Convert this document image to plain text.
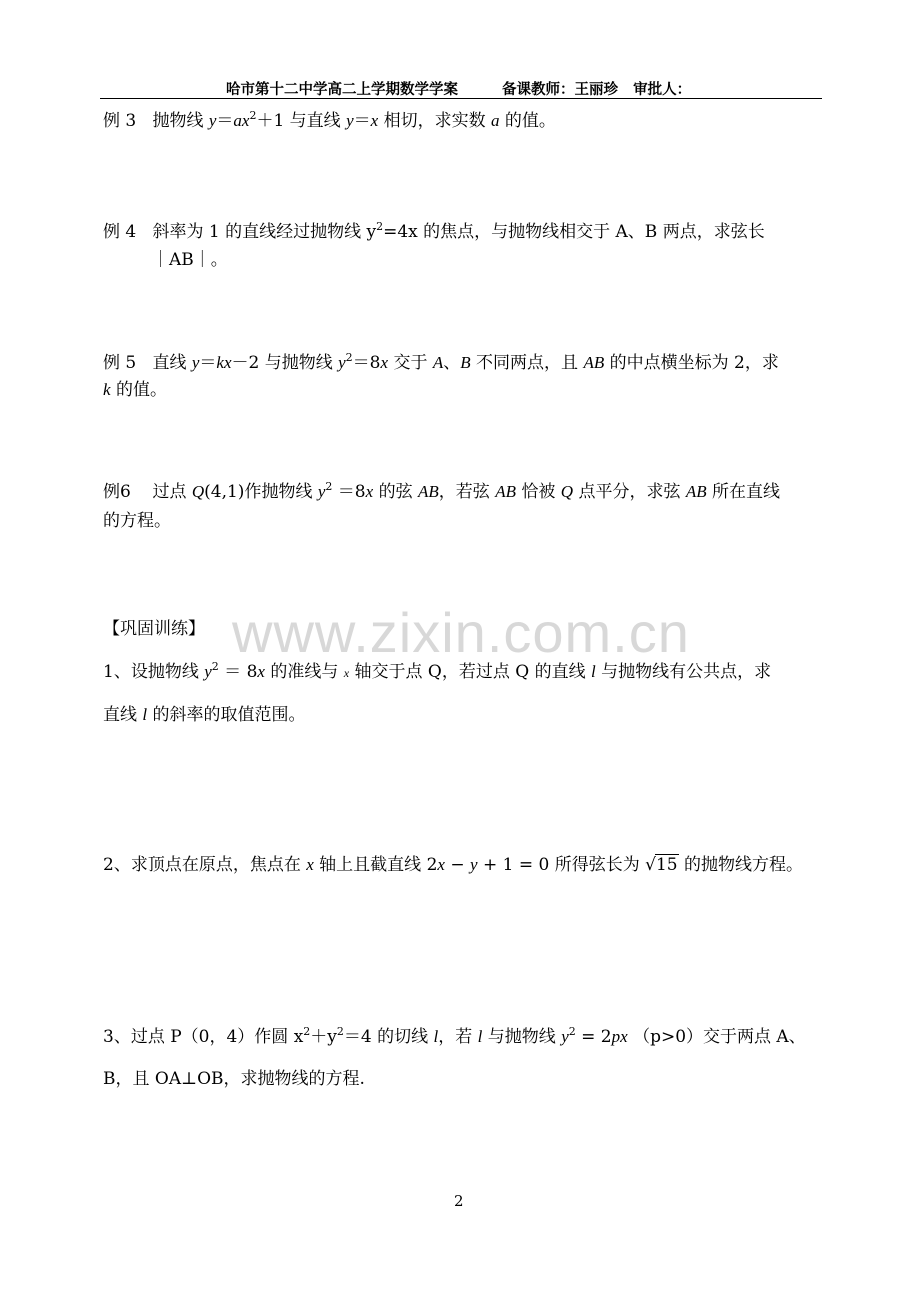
哈市第十二中学高二上学期数学学案	备课教师：王丽珍 审批人：
例 3   抛物线 $y=ax^2+1$ 与直线 y＝x 相切，求实数 a 的值。
例 4   斜率为 1 的直线经过抛物线 $y^2=4x$ 的焦点，与抛物线相交于 A、B 两点，求弦长
｜AB｜。
例 5   直线 y＝kx－2 与抛物线 $y^2=8x$ 交于 A、B 不同两点，且 AB 的中点横坐标为 2，求
k 的值。
例6    过点 Q(4,1)作抛物线 $y^2 =8x$ 的弦 AB，若弦 AB 恰被 Q 点平分，求弦 AB 所在直线
的方程。
www.zixin.com.cn
【巩固训练】
1、设抛物线 $y^2 = 8x$ 的准线与 x 轴交于点 Q，若过点 Q 的直线 l 与抛物线有公共点，求
直线 l 的斜率的取值范围。
2、求顶点在原点，焦点在 x 轴上且截直线 2x − y + 1 = 0 所得弦长为 √15 的抛物线方程。
3、过点 P（0，4）作圆 $x^2+y^2=4$ 的切线 l，若 l 与抛物线 $y^2 = 2px$ （p>0）交于两点 A、
B，且 OA⊥OB，求抛物线的方程.
2
